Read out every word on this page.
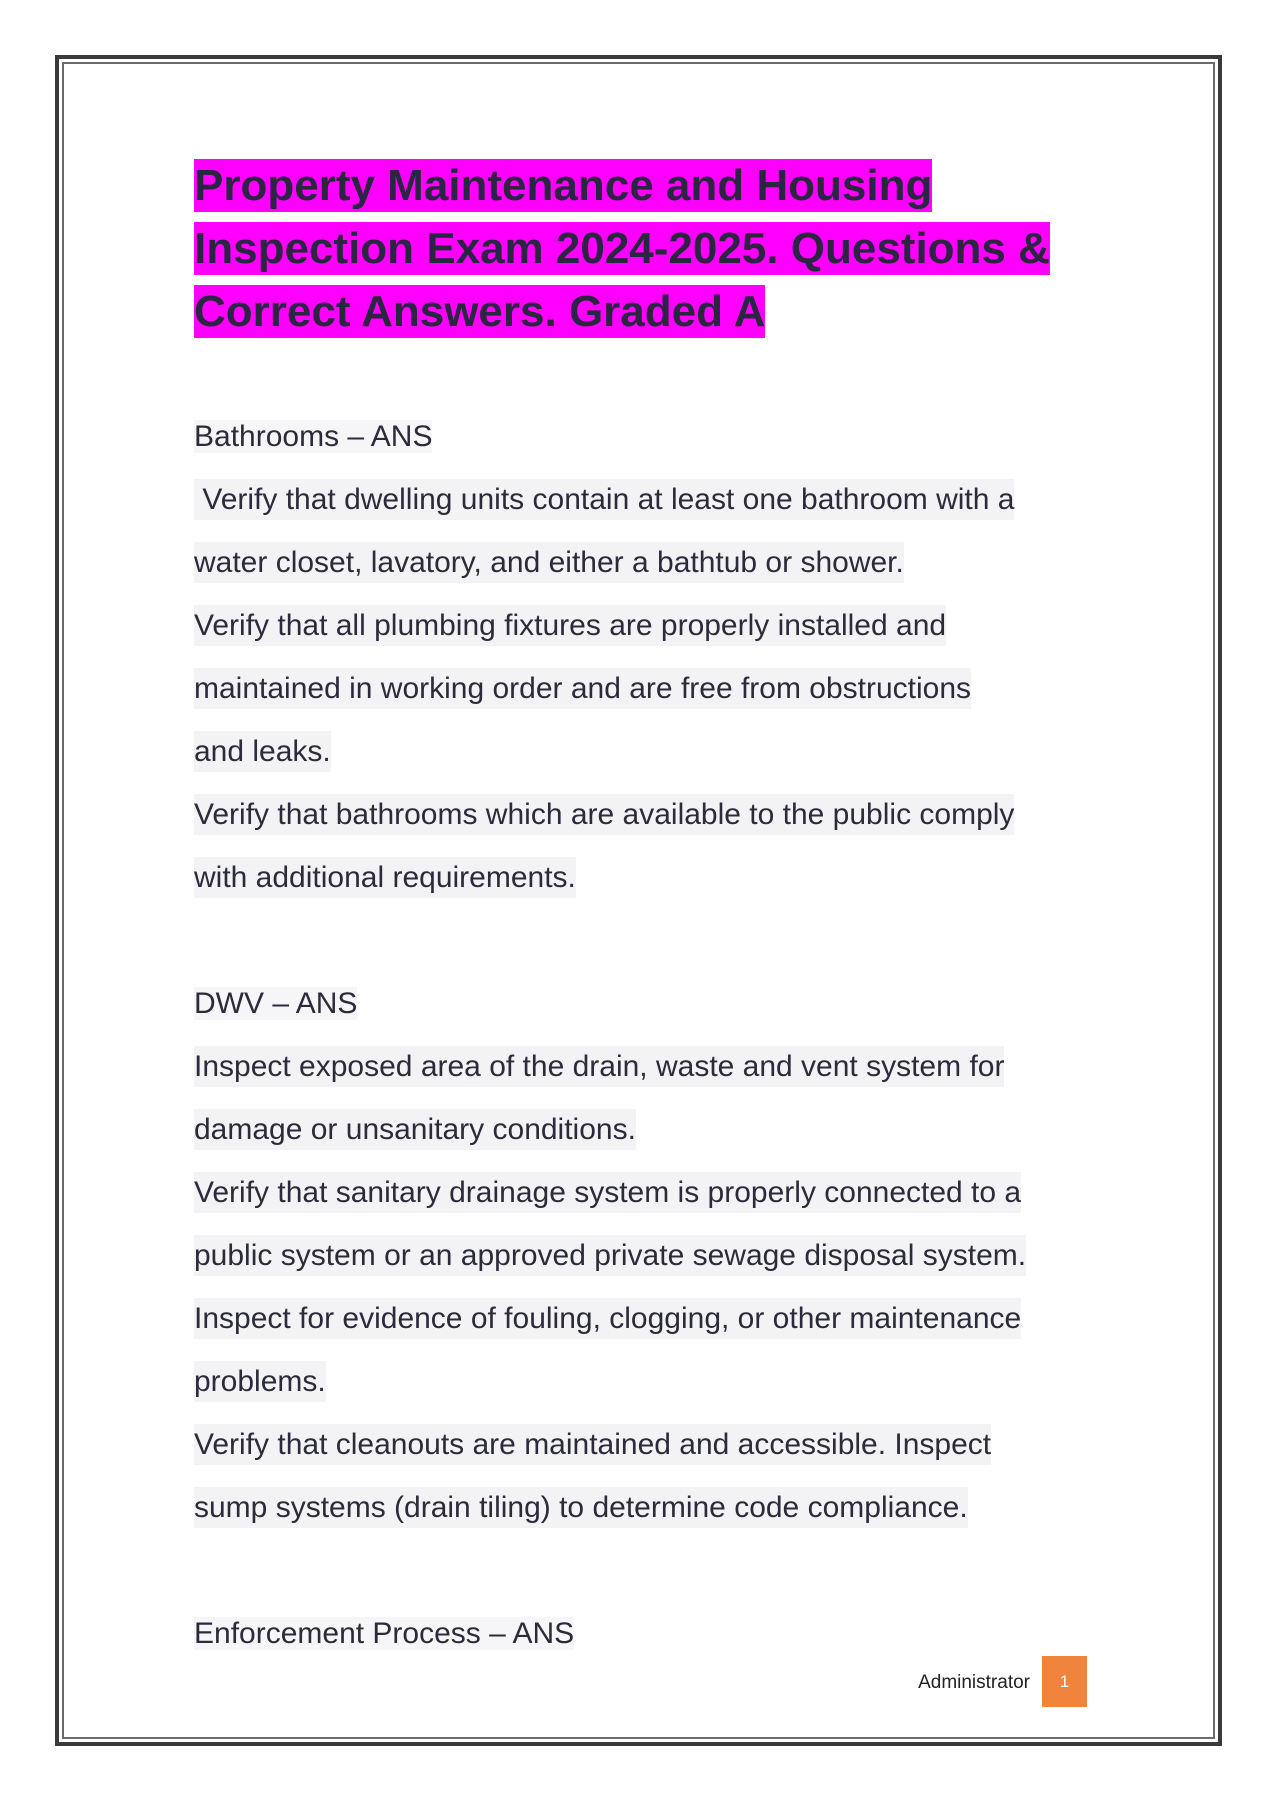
Property Maintenance and Housing
Inspection Exam 2024-2025. Questions &
Correct Answers. Graded A
Bathrooms – ANS
Verify that dwelling units contain at least one bathroom with a
water closet, lavatory, and either a bathtub or shower.
Verify that all plumbing fixtures are properly installed and
maintained in working order and are free from obstructions
and leaks.
Verify that bathrooms which are available to the public comply
with additional requirements.
DWV – ANS
Inspect exposed area of the drain, waste and vent system for
damage or unsanitary conditions.
Verify that sanitary drainage system is properly connected to a
public system or an approved private sewage disposal system.
Inspect for evidence of fouling, clogging, or other maintenance
problems.
Verify that cleanouts are maintained and accessible. Inspect
sump systems (drain tiling) to determine code compliance.
Enforcement Process – ANS
Administrator	1
